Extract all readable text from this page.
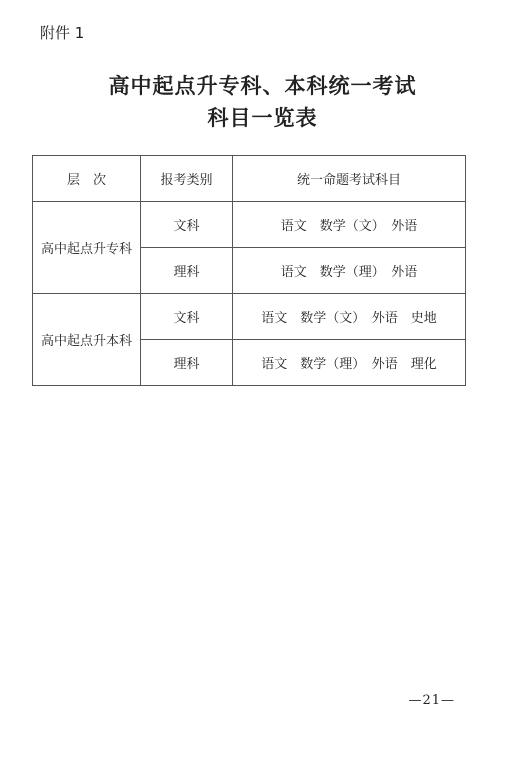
附件 1
高中起点升专科、本科统一考试
科目一览表
层　次	报考类别	统一命题考试科目
高中起点升专科	文科	语文　数学（文）　外语
	理科	语文　数学（理）　外语
高中起点升本科	文科	语文　数学（文）　外语　史地
	理科	语文　数学（理）　外语　理化
—21—
